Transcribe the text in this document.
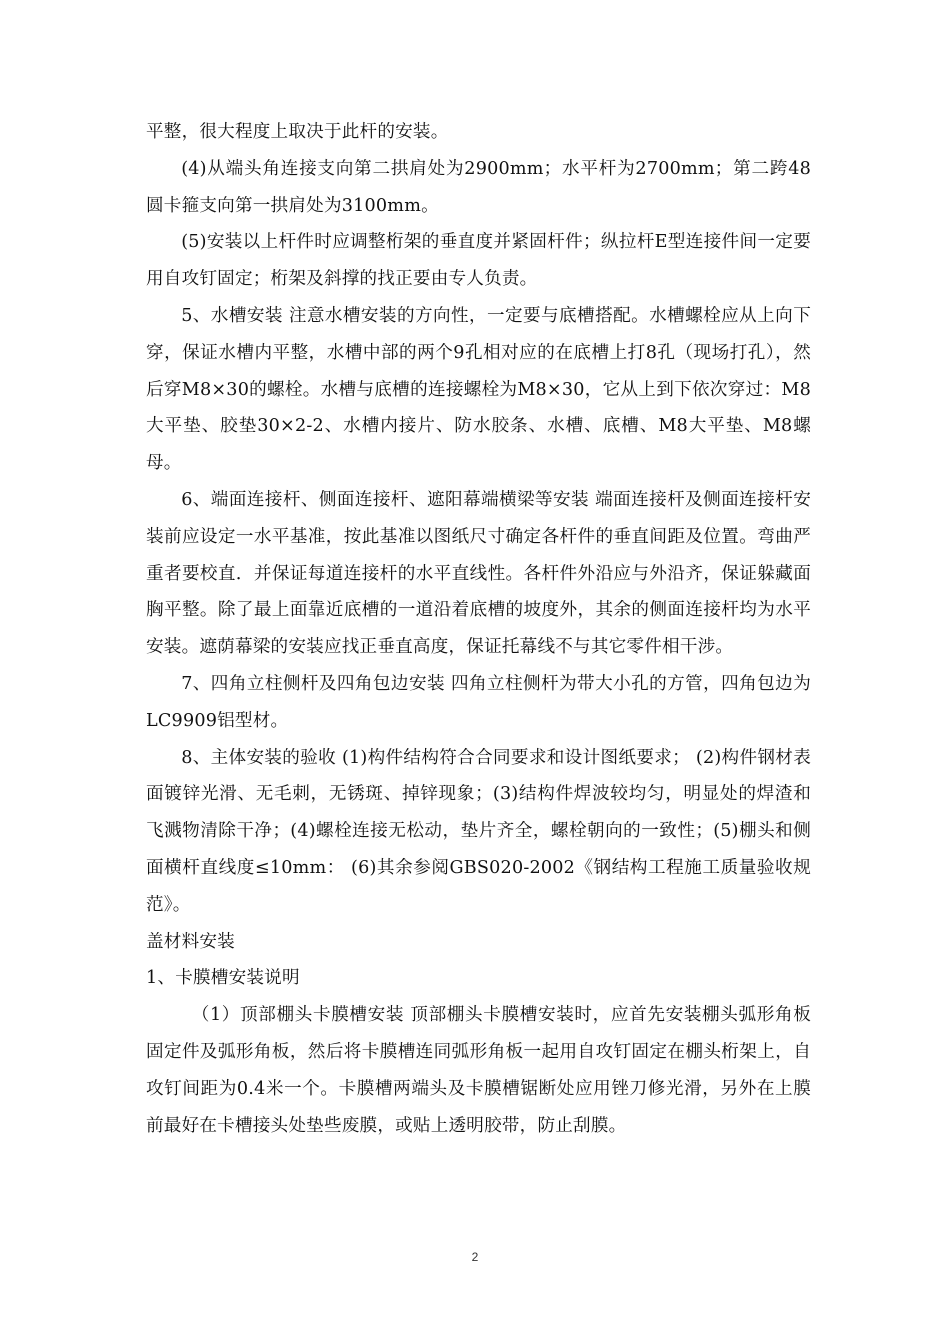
平整，很大程度上取决于此杆的安装。

(4)从端头角连接支向第二拱肩处为2900mm；水平杆为2700mm；第二跨48圆卡箍支向第一拱肩处为3100mm。

(5)安装以上杆件时应调整桁架的垂直度并紧固杆件；纵拉杆E型连接件间一定要用自攻钉固定；桁架及斜撑的找正要由专人负责。

5、水槽安装 注意水槽安装的方向性，一定要与底槽搭配。水槽螺栓应从上向下穿，保证水槽内平整，水槽中部的两个9孔相对应的在底槽上打8孔（现场打孔），然后穿M8×30的螺栓。水槽与底槽的连接螺栓为M8×30，它从上到下依次穿过：M8大平垫、胶垫30×2-2、水槽内接片、防水胶条、水槽、底槽、M8大平垫、M8螺母。

6、端面连接杆、侧面连接杆、遮阳幕端横梁等安装 端面连接杆及侧面连接杆安装前应设定一水平基准，按此基准以图纸尺寸确定各杆件的垂直间距及位置。弯曲严重者要校直．并保证每道连接杆的水平直线性。各杆件外沿应与外沿齐，保证躲藏面胸平整。除了最上面靠近底槽的一道沿着底槽的坡度外，其余的侧面连接杆均为水平安装。遮荫幕梁的安装应找正垂直高度，保证托幕线不与其它零件相干涉。

7、四角立柱侧杆及四角包边安装 四角立柱侧杆为带大小孔的方管，四角包边为LC9909铝型材。

8、主体安装的验收 (1)构件结构符合合同要求和设计图纸要求； (2)构件钢材表面镀锌光滑、无毛刺，无锈斑、掉锌现象；(3)结构件焊波较均匀，明显处的焊渣和飞溅物清除干净；(4)螺栓连接无松动，垫片齐全，螺栓朝向的一致性；(5)棚头和侧面横杆直线度≤10mm： (6)其余参阅GBS020-2002《钢结构工程施工质量验收规范》。

盖材料安装

1、卡膜槽安装说明

（1）顶部棚头卡膜槽安装 顶部棚头卡膜槽安装时，应首先安装棚头弧形角板固定件及弧形角板，然后将卡膜槽连同弧形角板一起用自攻钉固定在棚头桁架上，自攻钉间距为0.4米一个。卡膜槽两端头及卡膜槽锯断处应用锉刀修光滑，另外在上膜前最好在卡槽接头处垫些废膜，或贴上透明胶带，防止刮膜。

2
